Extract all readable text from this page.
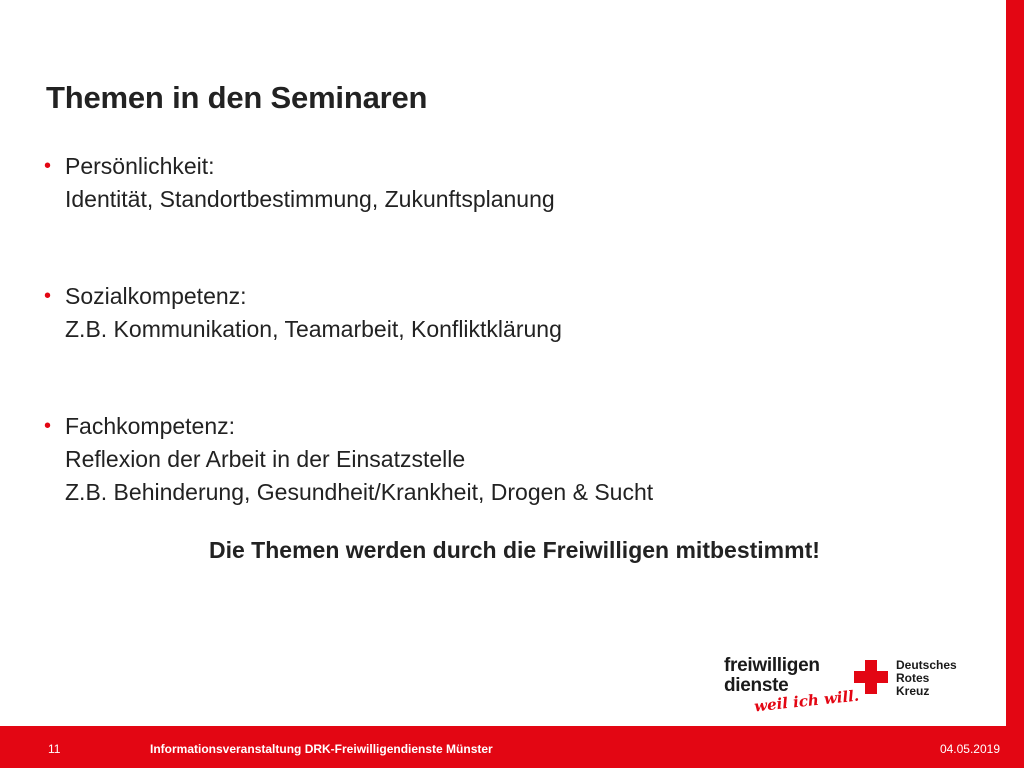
Themen in den Seminaren
• Persönlichkeit:
Identität, Standortbestimmung, Zukunftsplanung
• Sozialkompetenz:
Z.B. Kommunikation, Teamarbeit, Konfliktklärung
• Fachkompetenz:
Reflexion der Arbeit in der Einsatzstelle
Z.B. Behinderung, Gesundheit/Krankheit, Drogen & Sucht
Die Themen werden durch die Freiwilligen mitbestimmt!
freiwilligen
dienste
weil ich will.
Deutsches
Rotes
Kreuz
11	Informationsveranstaltung DRK-Freiwilligendienste Münster	04.05.2019
